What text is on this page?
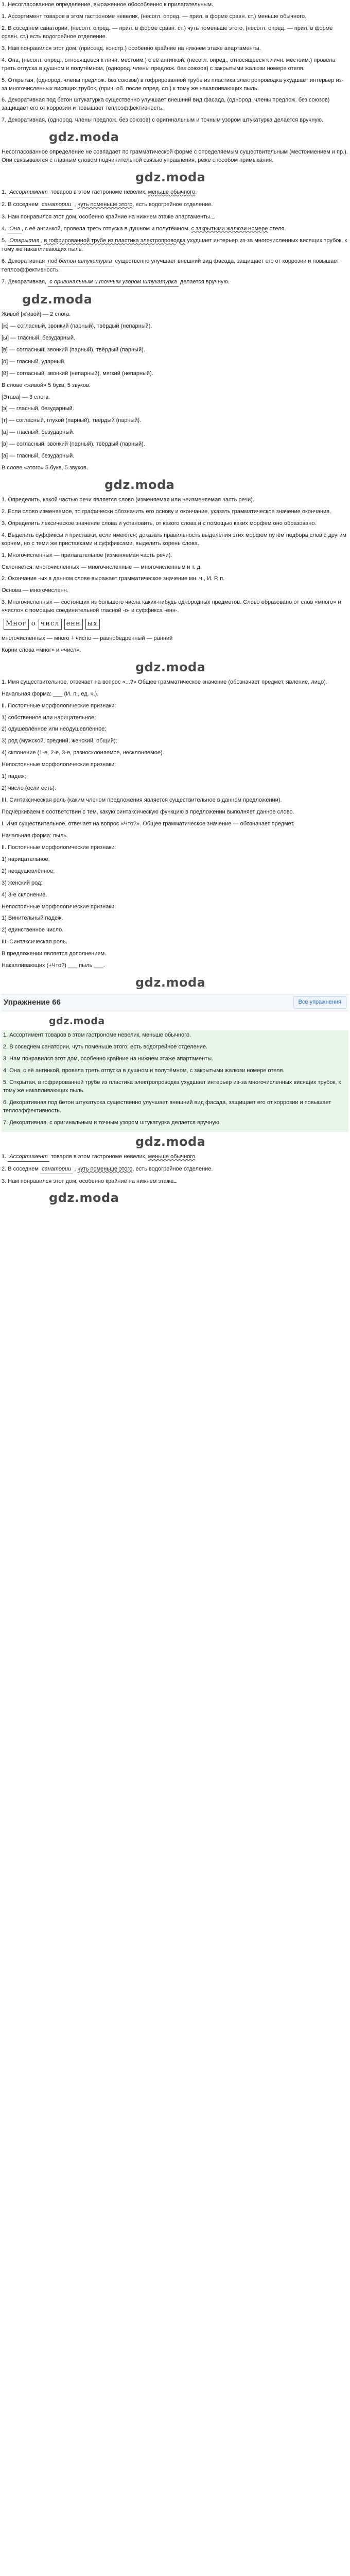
1. Несогласованное определение, выраженное обособленно к прилагательным.
1. Ассортимент товаров в этом гастрономе невелик, (несогл. опред. — прил. в форме сравн. ст.) меньше обычного.
2. В соседнем санатории, (несогл. опред. — прил. в форме сравн. ст.) чуть поменьше этого, (несогл. опред. — прил. в форме сравн. ст.) есть водогрейное отделение.
3. Нам понравился этот дом, (присоед. констр.) особенно крайние на нижнем этаже апартаменты.
4. Она, (несогл. опред., относящееся к личн. местоим.) с её ангинкой, (несогл. опред., относящееся к личн. местоим.) провела треть отпуска в душном и полутёмном, (однород. члены предлож. без союзов) с закрытыми жалюзи номере отеля.
5. Открытая, (однород. члены предлож. без союзов) в гофрированной трубе из пластика электропроводка ухудшает интерьер из-за многочисленных висящих трубок, (прич. об. после опред. сл.) к тому же накапливающих пыль.
6. Декоративная под бетон штукатурка существенно улучшает внешний вид фасада, (однород. члены предлож. без союзов) защищает его от коррозии и повышает теплоэффективность.
7. Декоративная, (однород. члены предлож. без союзов) с оригинальным и точным узором штукатурка делается вручную.
gdz.moda
Несогласованное определение не совпадает по грамматической форме с определяемым существительным (местоимением и пр.). Они связываются с главным словом подчинительной связью управления, реже способом примыкания.
gdz.moda
1. Ассортимент товаров в этом гастрономе невелик, меньше обычного.
2. В соседнем санатории , чуть поменьше этого, есть водогрейное отделение.
3. Нам понравился этот дом, особенно крайние на нижнем этаже апартаменты.
4. Она , с её ангинкой, провела треть отпуска в душном и полутёмном, с закрытыми жалюзи номере отеля.
5. Открытая , в гофрированной трубе из пластика электропроводка ухудшает интерьер из-за многочисленных висящих трубок, к тому же накапливающих пыль.
6. Декоративная под бетон штукатурка существенно улучшает внешний вид фасада, защищает его от коррозии и повышает теплоэффективность.
7. Декоративная, с оригинальным и точным узором штукатурка делается вручную.
gdz.moda
Живой [ж'иво́й] — 2 слога.
[ж] — согласный, звонкий (парный), твёрдый (непарный).
[ы] — гласный, безударный.
[в] — согласный, звонкий (парный), твёрдый (парный).
[о́] — гласный, ударный.
[й] — согласный, звонкий (непарный), мягкий (непарный).
В слове «живой» 5 букв, 5 звуков.
[Этава] — 3 слога.
[э] — гласный, безударный.
[т] — согласный, глухой (парный), твёрдый (парный).
[а] — гласный, безударный.
[в] — согласный, звонкий (парный), твёрдый (парный).
[а] — гласный, безударный.
В слове «этого» 5 букв, 5 звуков.
gdz.moda
1. Определить, какой частью речи является слово (изменяемая или неизменяемая часть речи).
2. Если слово изменяемое, то графически обозначить его основу и окончание, указать грамматическое значение окончания.
3. Определить лексическое значение слова и установить, от какого слова и с помощью каких морфем оно образовано.
4. Выделить суффиксы и приставки, если имеются; доказать правильность выделения этих морфем путём подбора слов с другим корнем, но с теми же приставками и суффиксами, выделить корень слова.
1. Многочисленных — прилагательное (изменяемая часть речи).
Склоняется: многочисленных — многочисленные — многочисленным и т. д.
2. Окончание -ых в данном слове выражает грамматическое значение мн. ч., И. Р. п.
Основа — многочисленн.
3. Многочисленных — состоящих из большого числа каких-нибудь однородных предметов. Слово образовано от слов «много» и «число» с помощью соединительной гласной -о- и суффикса -енн-.
Мног о числ енн ых
многочисленных — много + число — равнобедренный — ранний
Корни слова «мног» и «числ».
gdz.moda
1. Имя существительное, отвечает на вопрос «...?» Общее грамматическое значение (обозначает предмет, явление, лицо).
Начальная форма: ___ (И. п., ед. ч.).
II. Постоянные морфологические признаки:
1) собственное или нарицательное;
2) одушевлённое или неодушевлённое;
3) род (мужской, средний, женский, общий);
4) склонение (1-е, 2-е, 3-е, разносклоняемое, несклоняемое).
Непостоянные морфологические признаки:
1) падеж;
2) число (если есть).
III. Синтаксическая роль (каким членом предложения является существительное в данном предложении).
Подчёркиваем в соответствии с тем, какую синтаксическую функцию в предложении выполняет данное слово.
I. Имя существительное, отвечает на вопрос «Что?». Общее грамматическое значение — обозначает предмет.
Начальная форма: пыль.
II. Постоянные морфологические признаки:
1) нарицательное;
2) неодушевлённое;
3) женский род;
4) 3-е склонение.
Непостоянные морфологические признаки:
1) Винительный падеж.
2) единственное число.
III. Синтаксическая роль.
В предложении является дополнением.
Накапливающих (+Что?) ___ пыль ___.
gdz.moda
Упражнение 66	Все упражнения
gdz.moda
1. Ассортимент товаров в этом гастрономе невелик, меньше обычного.
2. В соседнем санатории, чуть поменьше этого, есть водогрейное отделение.
3. Нам понравился этот дом, особенно крайние на нижнем этаже апартаменты.
4. Она, с её ангинкой, провела треть отпуска в душном и полутёмном, с закрытыми жалюзи номере отеля.
5. Открытая, в гофрированной трубе из пластика электропроводка ухудшает интерьер из-за многочисленных висящих трубок, к тому же накапливающих пыль.
6. Декоративная под бетон штукатурка существенно улучшает внешний вид фасада, защищает его от коррозии и повышает теплоэффективность.
7. Декоративная, с оригинальным и точным узором штукатурка делается вручную.
gdz.moda
1. Ассортимент товаров в этом гастрономе невелик, меньше обычного.
2. В соседнем санатории , чуть поменьше этого, есть водогрейное отделение.
3. Нам понравился этот дом, особенно крайние на нижнем этаже
gdz.moda
